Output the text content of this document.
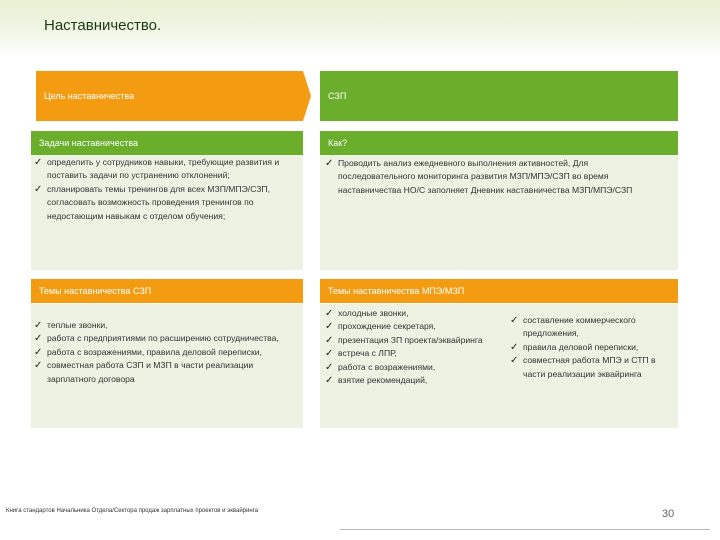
Наставничество.
Цель наставничества	СЗП
Задачи наставничества
✓ определить у сотрудников навыки, требующие развития и поставить задачи по устранению отклонений;
✓ спланировать темы тренингов для всех МЗП/МПЭ/СЗП, согласовать возможность проведения тренингов по недостающим навыкам с отделом обучения;
Как?
✓ Проводить анализ ежедневного выполнения активностей, Для последовательного мониторинга развития МЗП/МПЭ/СЗП во время наставничества НО/С заполняет Дневник наставничества МЗП/МПЭ/СЗП
Темы наставничества СЗП
✓ теплые звонки,
✓ работа с предприятиями по расширению сотрудничества,
✓ работа с возражениями, правила деловой переписки,
✓ совместная работа СЗП и МЗП в части реализации зарплатного договора
Темы наставничества МПЭ/МЗП
✓ холодные звонки,
✓ прохождение секретаря,
✓ презентация ЗП проекта/эквайринга
✓ встреча с ЛПР,
✓ работа с возражениями,
✓ взятие рекомендаций,
✓ составление коммерческого предложения,
✓ правила деловой переписки,
✓ совместная работа МПЭ и СТП в части реализации эквайринга
Книга стандартов Начальника Отдела/Сектора продаж зарплатных проектов и эквайринга	30
